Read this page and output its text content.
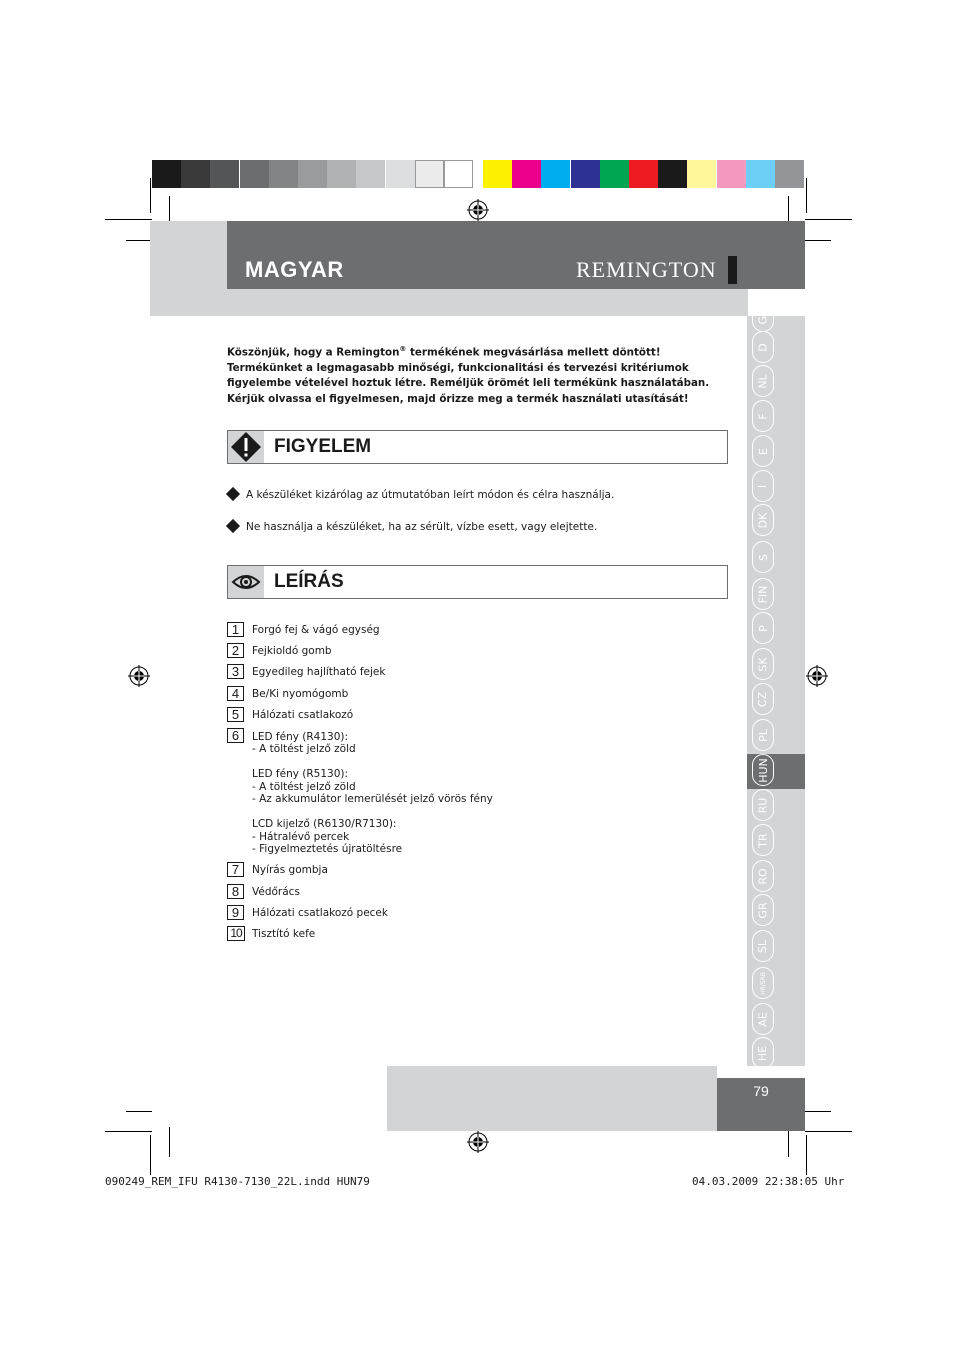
MAGYAR	REMINGTON
GB
D
NL
F
E
I
DK
S
FIN
P
SK
CZ
PL
HUN
RU
TR
RO
GR
SL
HR/SRB
AE
HE

Köszönjük, hogy a Remington® termékének megvásárlása mellett döntött!

Termékünket a legmagasabb minőségi, funkcionalitási és tervezési kritériumok

figyelembe vételével hoztuk létre. Reméljük örömét leli termékünk használatában.

Kérjük olvassa el figyelmesen, majd őrizze meg a termék használati utasítását!

FIGYELEM
A készüléket kizárólag az útmutatóban leírt módon és célra használja.
Ne használja a készüléket, ha az sérült, vízbe esett, vagy elejtette.
LEÍRÁS
1	Forgó fej & vágó egység
2	Fejkioldó gomb
3	Egyedileg hajlítható fejek
4	Be/Ki nyomógomb
5	Hálózati csatlakozó
6	LED fény (R4130):
- A töltést jelző zöld
LED fény (R5130):
- A töltést jelző zöld
- Az akkumulátor lemerülését jelző vörös fény
LCD kijelző (R6130/R7130):
- Hátralévő percek
- Figyelmeztetés újratöltésre
7	Nyírás gombja
8	Védőrács
9	Hálózati csatlakozó pecek
10 Tisztító kefe
79
090249_REM_IFU R4130-7130_22L.indd HUN79	04.03.2009 22:38:05 Uhr
